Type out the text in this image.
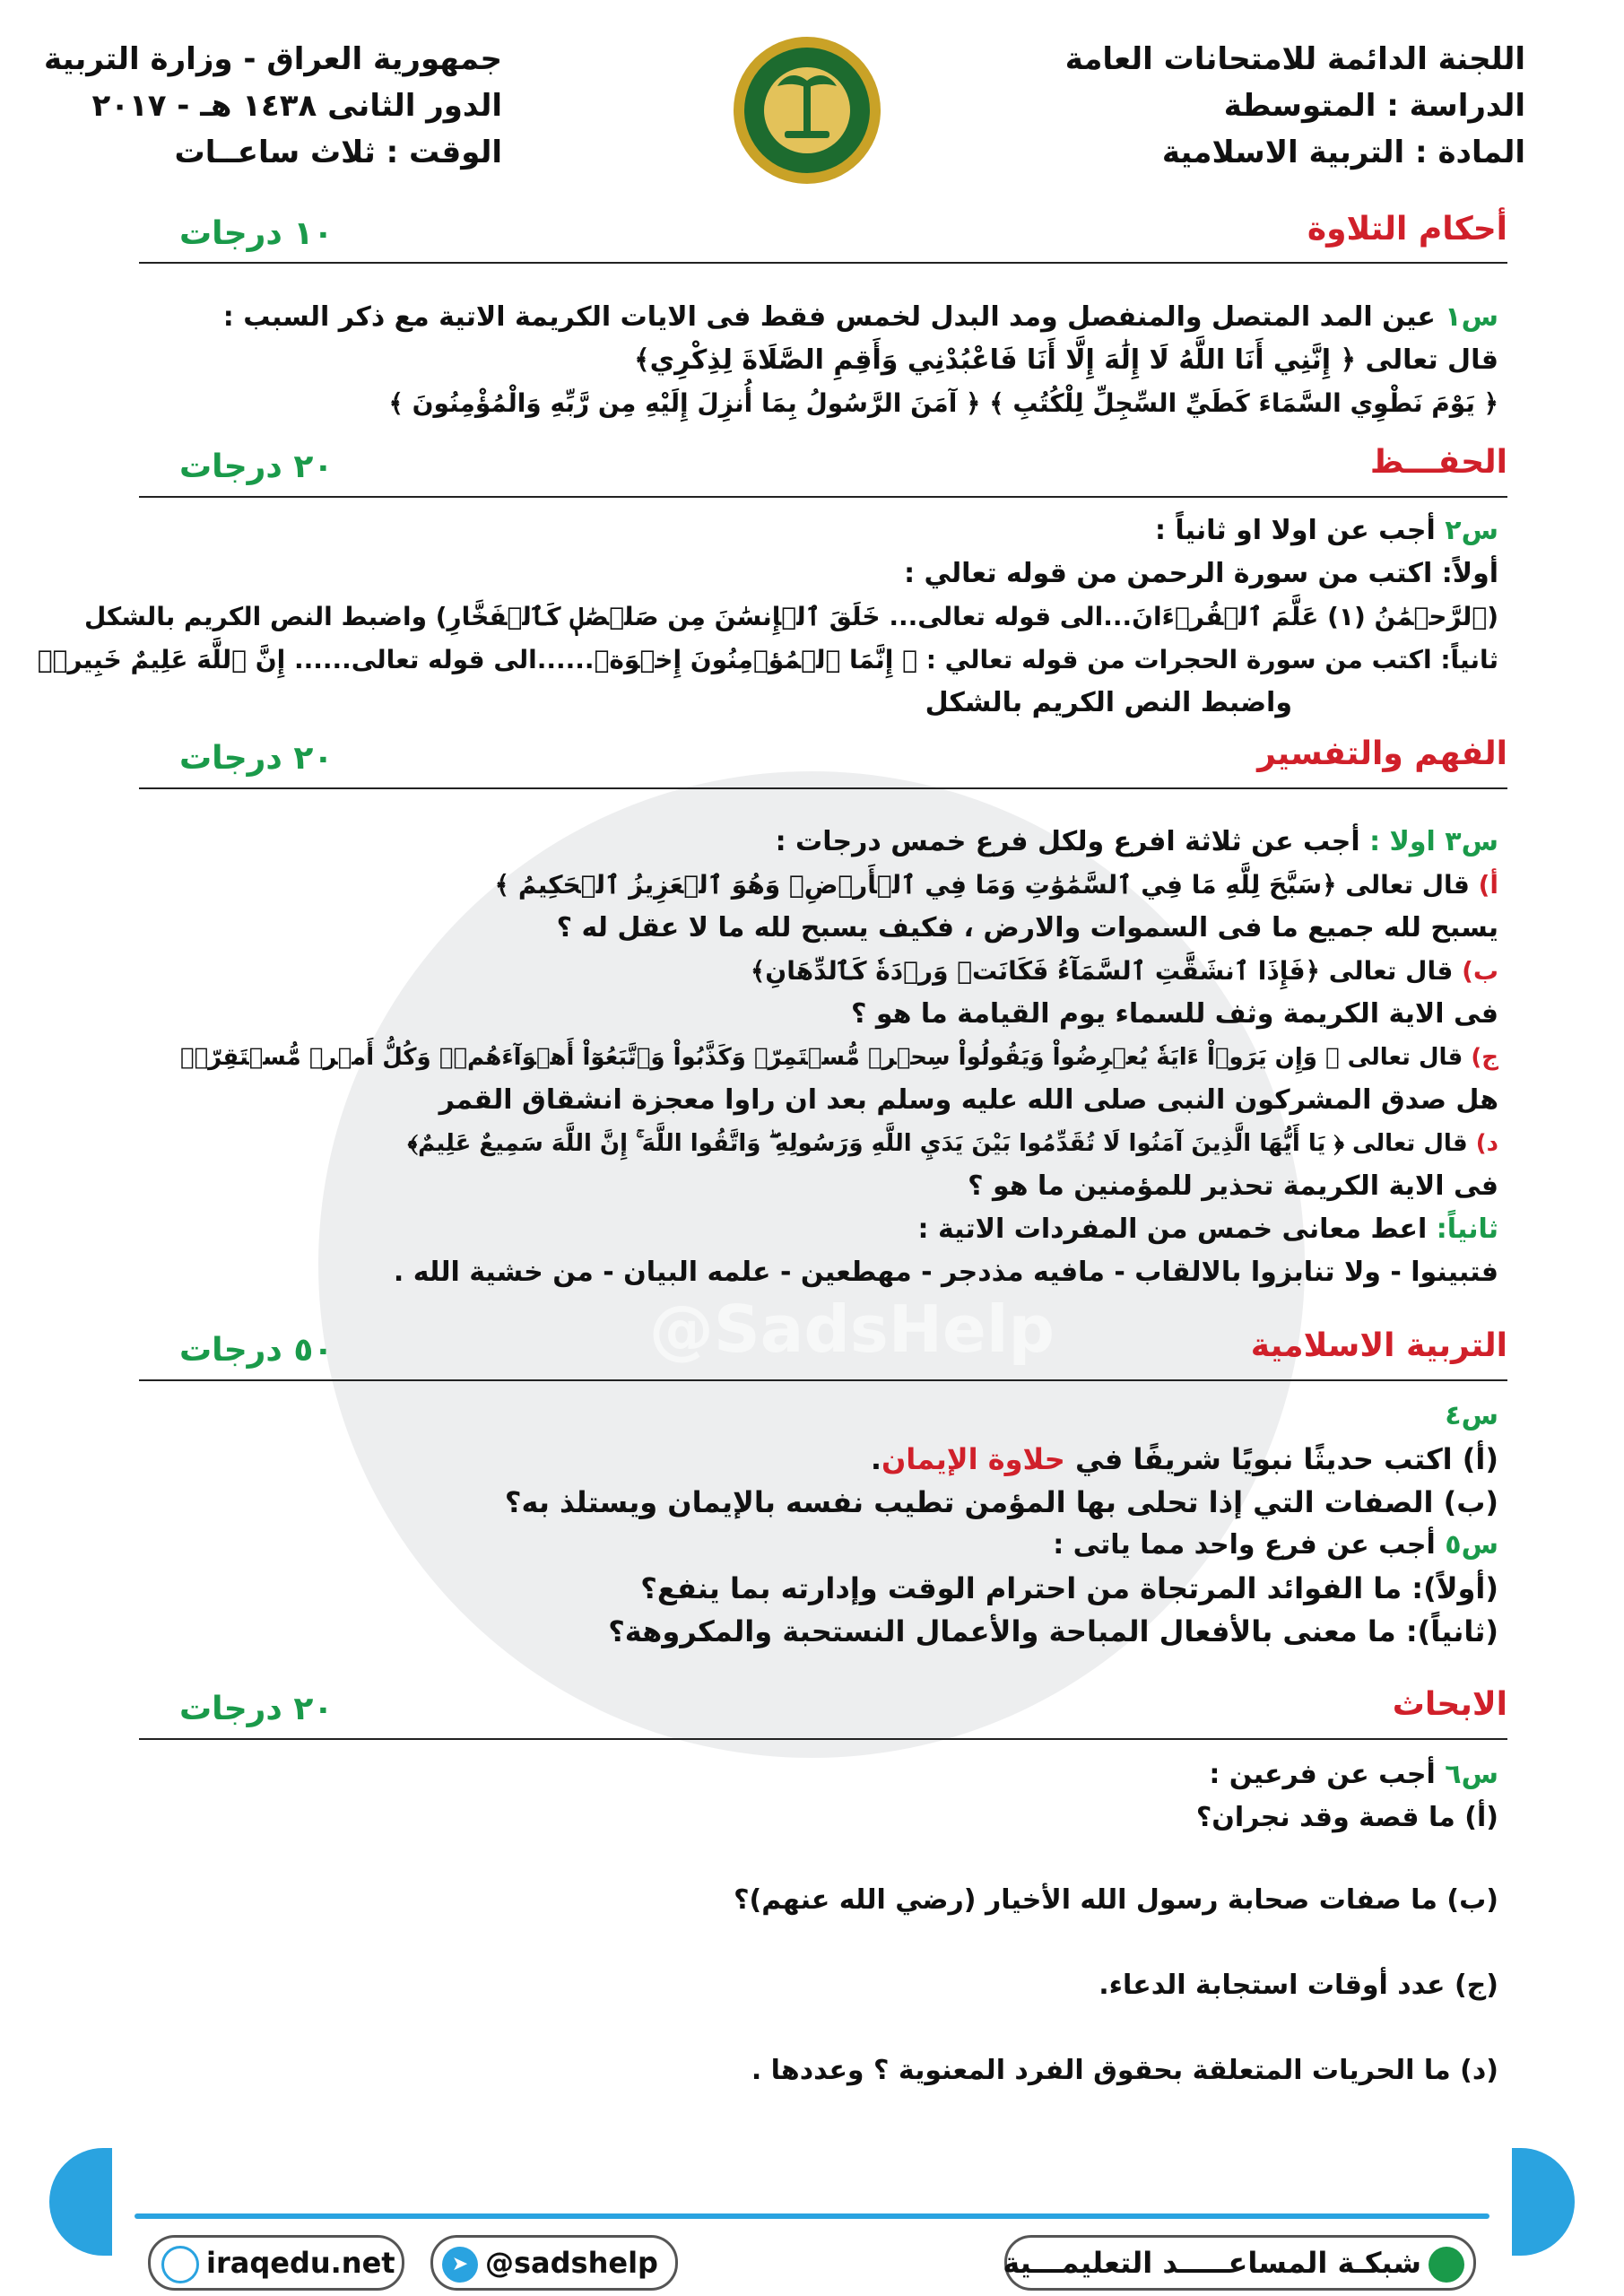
@SadsHelp
اللجنة الدائمة للامتحانات العامة
الدراسة : المتوسطة
المادة : التربية الاسلامية
جمهورية العراق - وزارة التربية
الدور الثانى ١٤٣٨ هـ - ٢٠١٧
الوقت : ثلاث ساعــات
أحكام التلاوة
١٠ درجات
س١ عين المد المتصل والمنفصل ومد البدل لخمس فقط فى الايات الكريمة الاتية مع ذكر السبب :
قال تعالى ﴿ إِنَّنِي أَنَا اللَّهُ لَا إِلَٰهَ إِلَّا أَنَا فَاعْبُدْنِي وَأَقِمِ الصَّلَاةَ لِذِكْرِي﴾
﴿ يَوْمَ نَطْوِي السَّمَاءَ كَطَيِّ السِّجِلِّ لِلْكُتُبِ ﴾ ﴿ آمَنَ الرَّسُولُ بِمَا أُنزِلَ إِلَيْهِ مِن رَّبِّهِ وَالْمُؤْمِنُونَ ﴾
الحفـــظ
٢٠ درجات
س٢ أجب عن اولا او ثانياً :
أولاً: اكتب من سورة الرحمن من قوله تعالي :
(ٱلرَّحۡمَٰنُ (١) عَلَّمَ ٱلۡقُرۡءَانَ...الى قوله تعالى... خَلَقَ ٱلۡإِنسَٰنَ مِن صَلۡصَٰلٖ كَٱلۡفَخَّارِ) واضبط النص الكريم بالشكل
ثانياً: اكتب من سورة الحجرات من قوله تعالي : ﴿ إِنَّمَا ٱلۡمُؤۡمِنُونَ إِخۡوَةٞ......الى قوله تعالى...... إِنَّ ٱللَّهَ عَلِيمٌ خَبِيرٞ﴾
واضبط النص الكريم بالشكل
الفهم والتفسير
٢٠ درجات
س٣ اولا : أجب عن ثلاثة افرع ولكل فرع خمس درجات :
أ) قال تعالى ﴿سَبَّحَ لِلَّهِ مَا فِي ٱلسَّمَٰوَٰتِ وَمَا فِي ٱلۡأَرۡضِۖ وَهُوَ ٱلۡعَزِيزُ ٱلۡحَكِيمُ ﴾
يسبح لله جميع ما فى السموات والارض ، فكيف يسبح لله ما لا عقل له ؟
ب) قال تعالى ﴿فَإِذَا ٱنشَقَّتِ ٱلسَّمَآءُ فَكَانَتۡ وَرۡدَةٗ كَٱلدِّهَانِ﴾
فى الاية الكريمة وثف للسماء يوم القيامة ما هو ؟
ج) قال تعالى ﴿ وَإِن يَرَوۡاْ ءَايَةٗ يُعۡرِضُواْ وَيَقُولُواْ سِحۡرٞ مُّسۡتَمِرّٞ وَكَذَّبُواْ وَٱتَّبَعُوٓاْ أَهۡوَآءَهُمۡۚ وَكُلُّ أَمۡرٖ مُّسۡتَقِرّٞ﴾
هل صدق المشركون النبى صلى الله عليه وسلم بعد ان راوا معجزة انشقاق القمر
د) قال تعالى ﴿ يَا أَيُّهَا الَّذِينَ آمَنُوا لَا تُقَدِّمُوا بَيْنَ يَدَيِ اللَّهِ وَرَسُولِهِ ۖ وَاتَّقُوا اللَّهَ ۚ إِنَّ اللَّهَ سَمِيعٌ عَلِيمٌ﴾
فى الاية الكريمة تحذير للمؤمنين ما هو ؟
ثانياً: اعط معانى خمس من المفردات الاتية :
فتبينوا - ولا تنابزوا بالالقاب - مافيه مذدجر - مهطعين - علمه البيان - من خشية الله .
التربية الاسلامية
٥٠ درجات
س٤
(أ) اكتب حديثًا نبويًا شريفًا في حلاوة الإيمان.
(ب) الصفات التي إذا تحلى بها المؤمن تطيب نفسه بالإيمان ويستلذ به؟
س٥ أجب عن فرع واحد مما ياتى :
(أولاً): ما الفوائد المرتجاة من احترام الوقت وإدارته بما ينفع؟
(ثانياً): ما معنى بالأفعال المباحة والأعمال النستحبة والمكروهة؟
الابحاث
٢٠ درجات
س٦ أجب عن فرعين :
(أ) ما قصة وقد نجران؟
(ب) ما صفات صحابة رسول الله الأخيار (رضي الله عنهم)؟
(ج) عدد أوقات استجابة الدعاء.
(د) ما الحريات المتعلقة بحقوق الفرد المعنوية ؟ وعددها .
iraqedu.net	➤ @sadshelp	شبكـة المساعـــــد التعليمـــية
